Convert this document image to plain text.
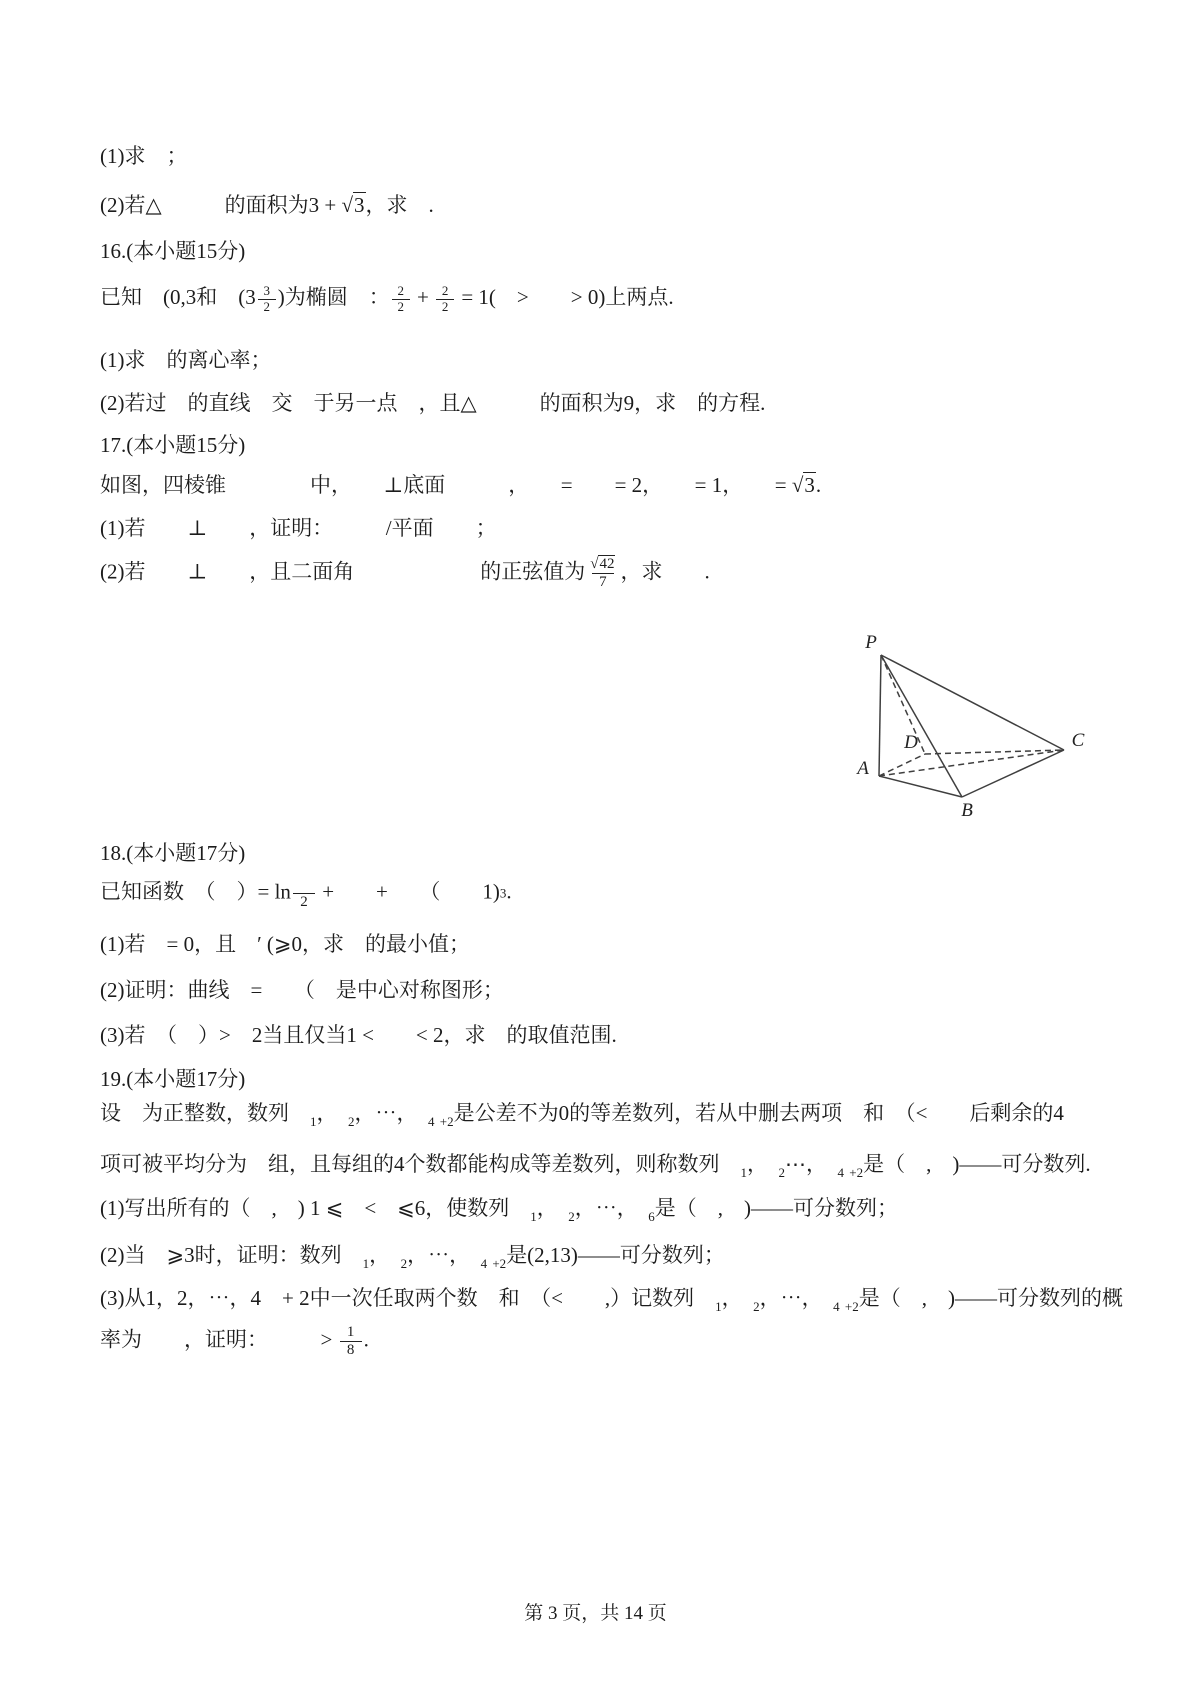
(1)求　；
(2)若△　　　的面积为3 + √3，求　.
16.(本小题15分)
已知　(0,3和　($3 \frac{3}{2}$ )为椭圆　： $\frac{2}{2} + \frac{2}{2} = 1$(　>　　> 0)上两点.
(1)求　的离心率；
(2)若过　的直线　交　于另一点　，且△　　　的面积为9，求　的方程.
17.(本小题15分)
如图，四棱锥　　　　中，　　⊥底面　　　，　　=　　= 2，　　= 1，　　= √3.
(1)若　　⊥　　，证明：　　　/平面　　；
(2)若　　⊥　　，且二面角　　　　　　的正弦值为 $\frac{√42}{7}$ ，求　　.
18.(本小题17分)
已知函数　（　）= ln
　 2 +　　+　　（　　1)3.
(1)若　= 0，且　′ (⩾0，求　的最小值；
(2)证明：曲线　=　　（　是中心对称图形；
(3)若　（　）>　2当且仅当1 <　　< 2，求　的取值范围.
19.(本小题17分)
设　为正整数，数列　$_1$，　$_2$，⋯，　$_4$ $_{+2}$是公差不为0的等差数列，若从中删去两项　和　（<　　后剩余的4
项可被平均分为　组，且每组的4个数都能构成等差数列，则称数列　$_1$，　$_2$⋯，　$_4$ $_{+2}$是（　,　)——可分数列.
(1)写出所有的（　,　) 1 ⩽　<　⩽6，使数列　$_1$，　$_2$，⋯，　$_6$是（　,　)——可分数列；
(2)当　⩾3时，证明：数列　$_1$，　$_2$，⋯，　$_4$ $_{+2}$是(2,13)——可分数列；
(3)从1，2，⋯，4　+ 2中一次任取两个数　和　（<　　,）记数列　$_1$，　$_2$，⋯，　$_4$ $_{+2}$是（　,　)——可分数列的概
率为　　，证明：　　　> $\frac{1}{8}$ .
P
A
B
C
D
第 3 页，共 14 页
